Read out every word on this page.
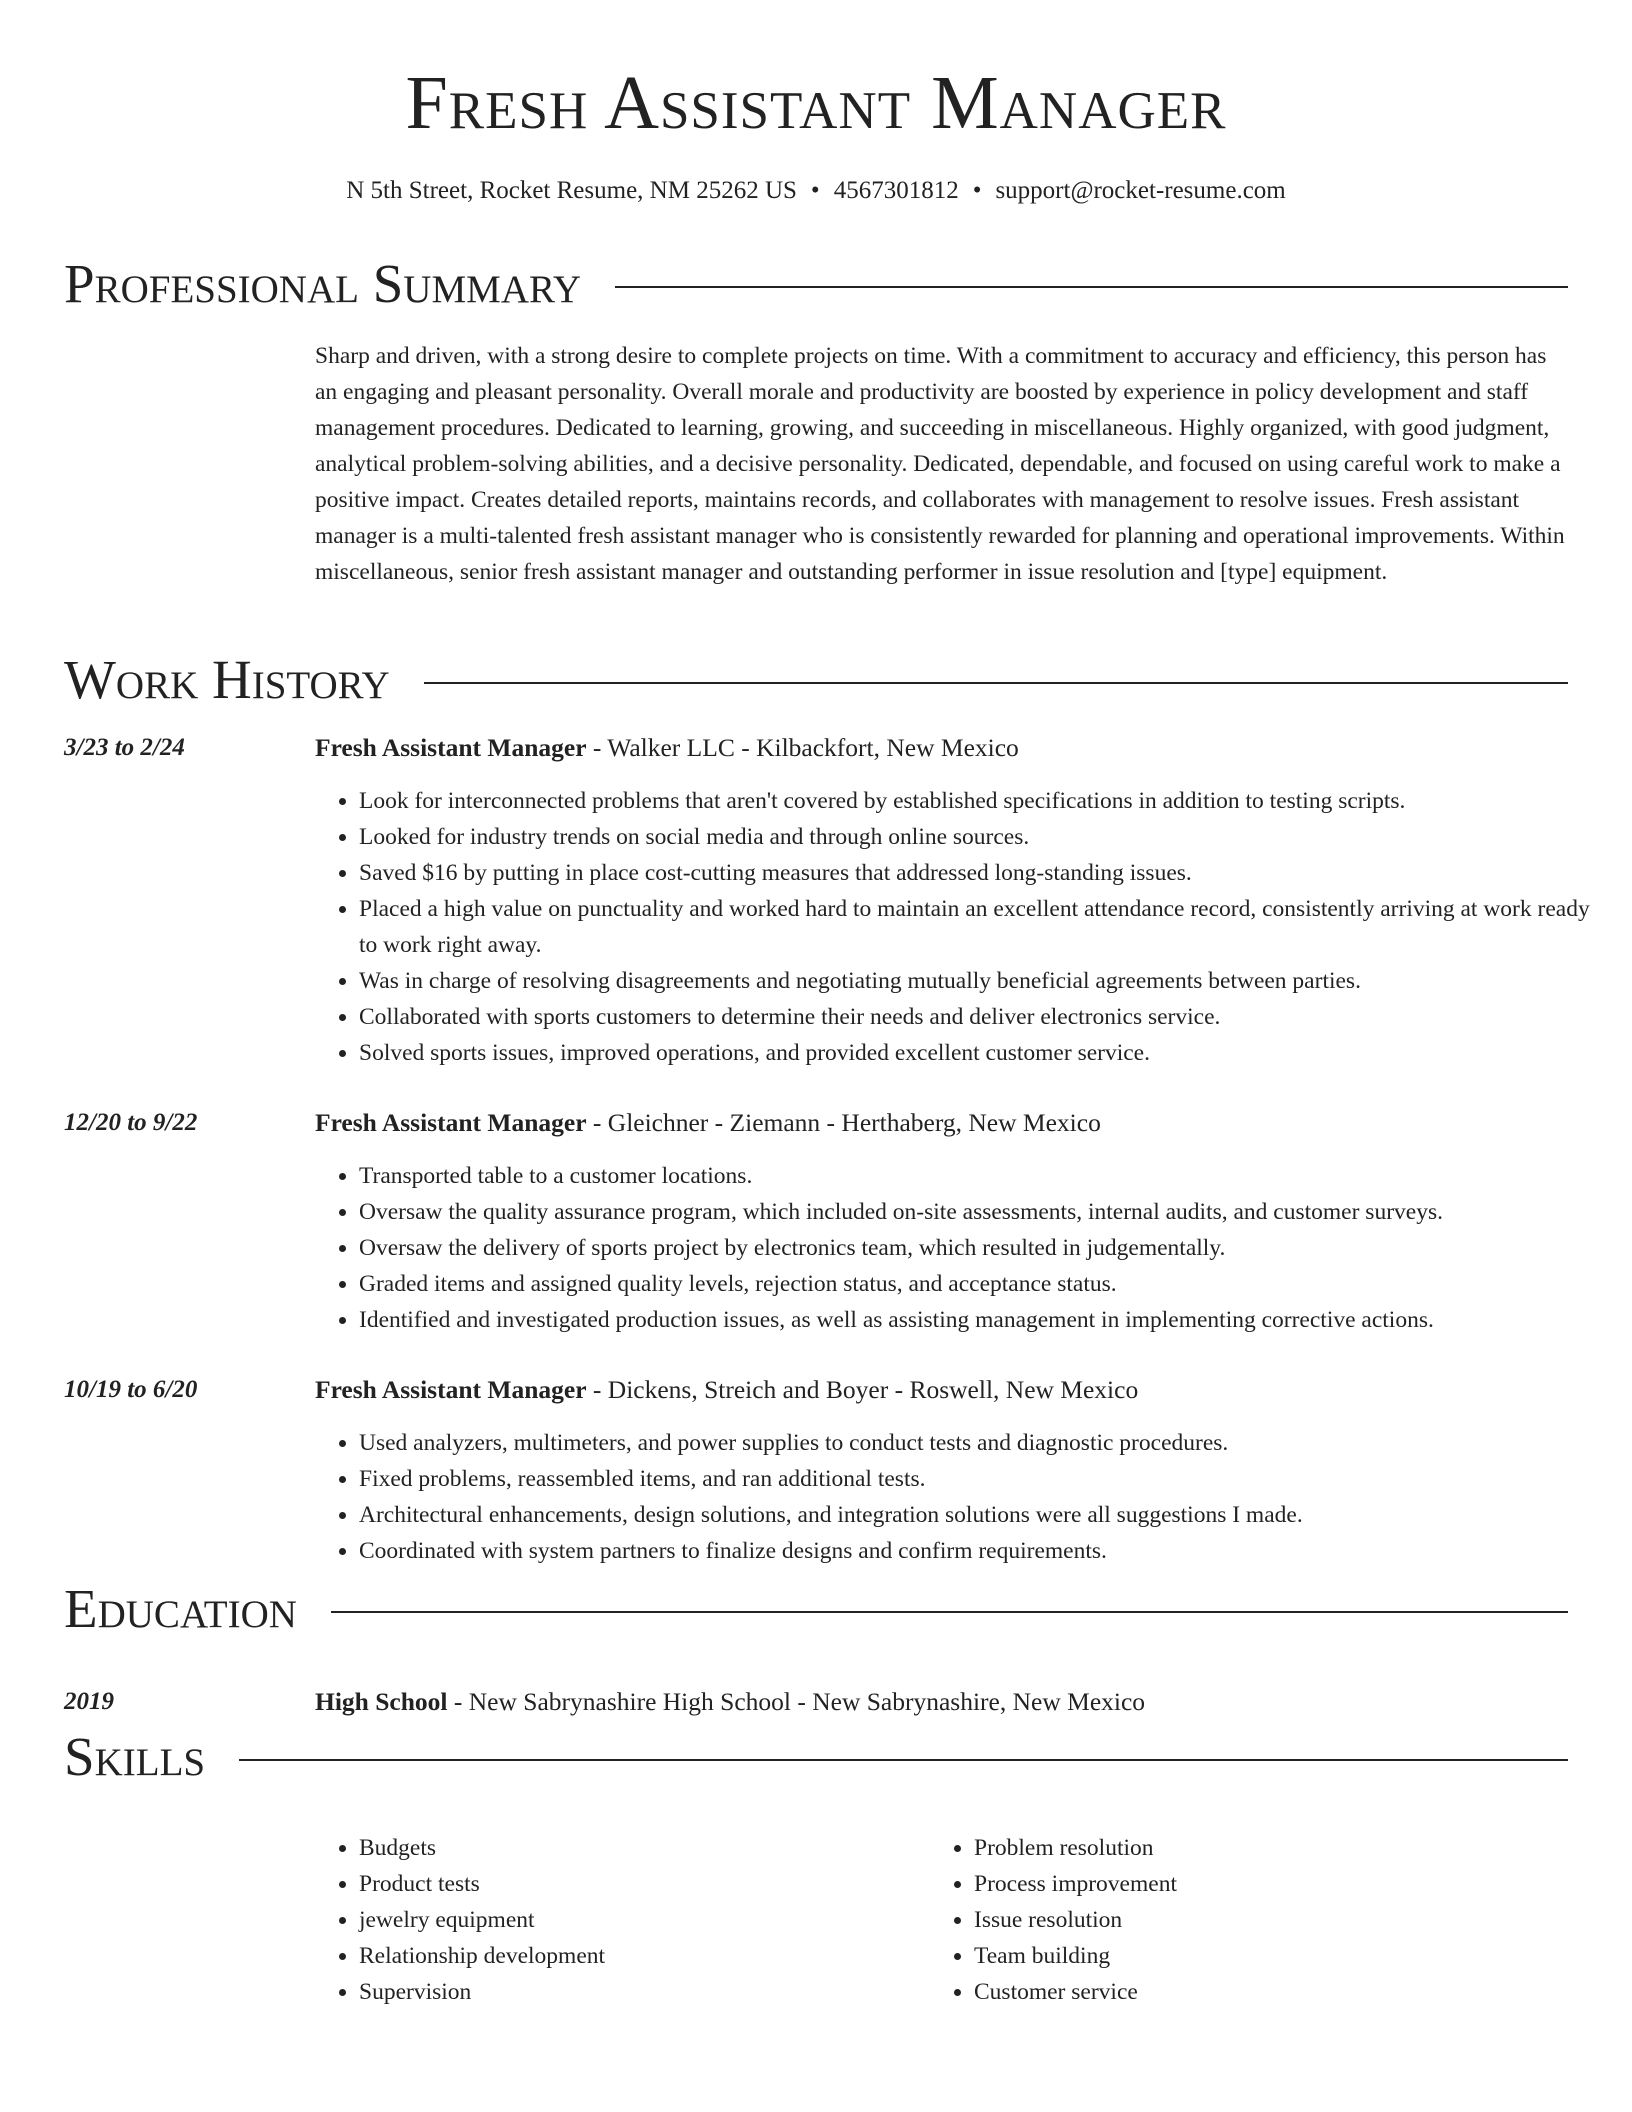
Fresh Assistant Manager
N 5th Street, Rocket Resume, NM 25262 US • 4567301812 • support@rocket-resume.com
Professional Summary
Sharp and driven, with a strong desire to complete projects on time. With a commitment to accuracy and efficiency, this person has an engaging and pleasant personality. Overall morale and productivity are boosted by experience in policy development and staff management procedures. Dedicated to learning, growing, and succeeding in miscellaneous. Highly organized, with good judgment, analytical problem-solving abilities, and a decisive personality. Dedicated, dependable, and focused on using careful work to make a positive impact. Creates detailed reports, maintains records, and collaborates with management to resolve issues. Fresh assistant manager is a multi-talented fresh assistant manager who is consistently rewarded for planning and operational improvements. Within miscellaneous, senior fresh assistant manager and outstanding performer in issue resolution and [type] equipment.
Work History
3/23 to 2/24	Fresh Assistant Manager - Walker LLC - Kilbackfort, New Mexico
• Look for interconnected problems that aren't covered by established specifications in addition to testing scripts.
• Looked for industry trends on social media and through online sources.
• Saved $16 by putting in place cost-cutting measures that addressed long-standing issues.
• Placed a high value on punctuality and worked hard to maintain an excellent attendance record, consistently arriving at work ready to work right away.
• Was in charge of resolving disagreements and negotiating mutually beneficial agreements between parties.
• Collaborated with sports customers to determine their needs and deliver electronics service.
• Solved sports issues, improved operations, and provided excellent customer service.
12/20 to 9/22	Fresh Assistant Manager - Gleichner - Ziemann - Herthaberg, New Mexico
• Transported table to a customer locations.
• Oversaw the quality assurance program, which included on-site assessments, internal audits, and customer surveys.
• Oversaw the delivery of sports project by electronics team, which resulted in judgementally.
• Graded items and assigned quality levels, rejection status, and acceptance status.
• Identified and investigated production issues, as well as assisting management in implementing corrective actions.
10/19 to 6/20	Fresh Assistant Manager - Dickens, Streich and Boyer - Roswell, New Mexico
• Used analyzers, multimeters, and power supplies to conduct tests and diagnostic procedures.
• Fixed problems, reassembled items, and ran additional tests.
• Architectural enhancements, design solutions, and integration solutions were all suggestions I made.
• Coordinated with system partners to finalize designs and confirm requirements.
Education
2019	High School - New Sabrynashire High School - New Sabrynashire, New Mexico
Skills
• Budgets
• Product tests
• jewelry equipment
• Relationship development
• Supervision
• Problem resolution
• Process improvement
• Issue resolution
• Team building
• Customer service
